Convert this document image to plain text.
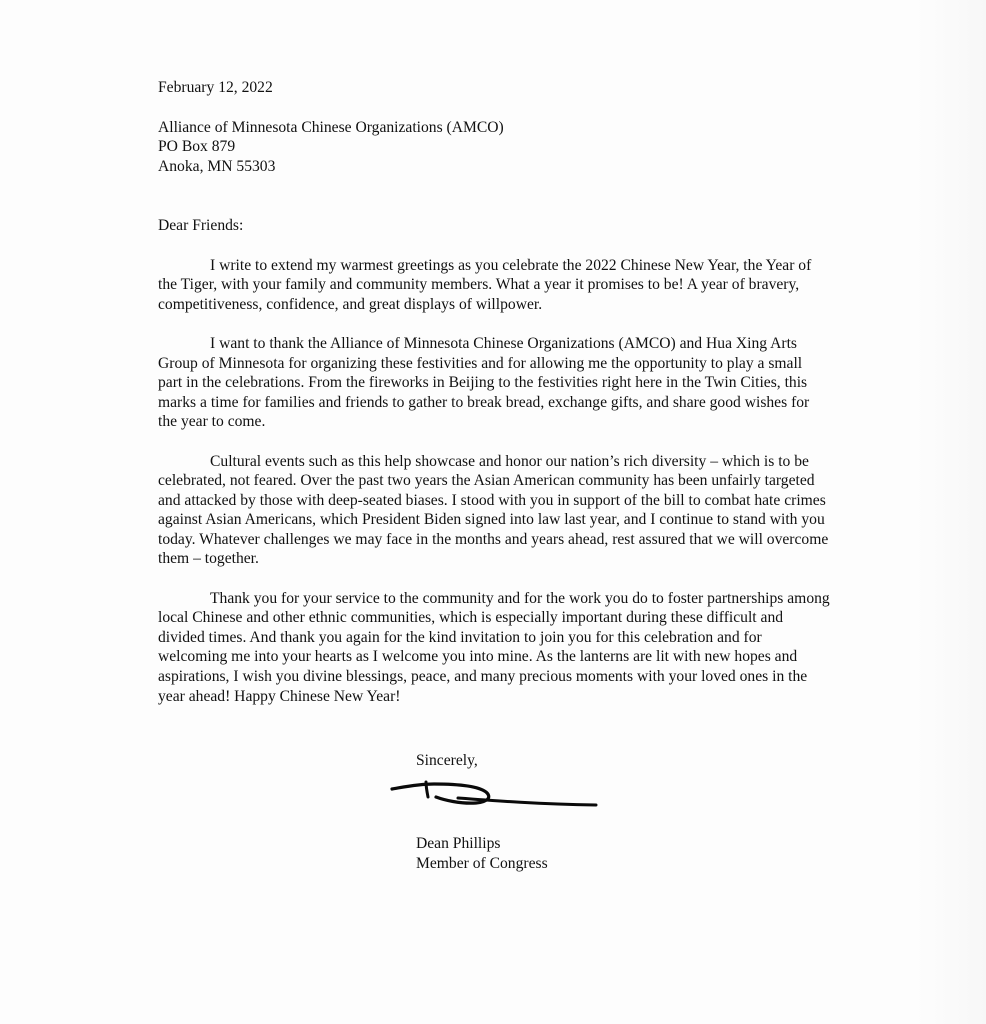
February 12, 2022
Alliance of Minnesota Chinese Organizations (AMCO)
PO Box 879
Anoka, MN 55303
Dear Friends:

I write to extend my warmest greetings as you celebrate the 2022 Chinese New Year, the Year of the Tiger, with your family and community members. What a year it promises to be! A year of bravery, competitiveness, confidence, and great displays of willpower.

I want to thank the Alliance of Minnesota Chinese Organizations (AMCO) and Hua Xing Arts Group of Minnesota for organizing these festivities and for allowing me the opportunity to play a small part in the celebrations. From the fireworks in Beijing to the festivities right here in the Twin Cities, this marks a time for families and friends to gather to break bread, exchange gifts, and share good wishes for the year to come.

Cultural events such as this help showcase and honor our nation’s rich diversity – which is to be celebrated, not feared. Over the past two years the Asian American community has been unfairly targeted and attacked by those with deep-seated biases. I stood with you in support of the bill to combat hate crimes against Asian Americans, which President Biden signed into law last year, and I continue to stand with you today. Whatever challenges we may face in the months and years ahead, rest assured that we will overcome them – together.

Thank you for your service to the community and for the work you do to foster partnerships among local Chinese and other ethnic communities, which is especially important during these difficult and divided times. And thank you again for the kind invitation to join you for this celebration and for welcoming me into your hearts as I welcome you into mine. As the lanterns are lit with new hopes and aspirations, I wish you divine blessings, peace, and many precious moments with your loved ones in the year ahead! Happy Chinese New Year!

Sincerely,
Dean Phillips
Member of Congress
